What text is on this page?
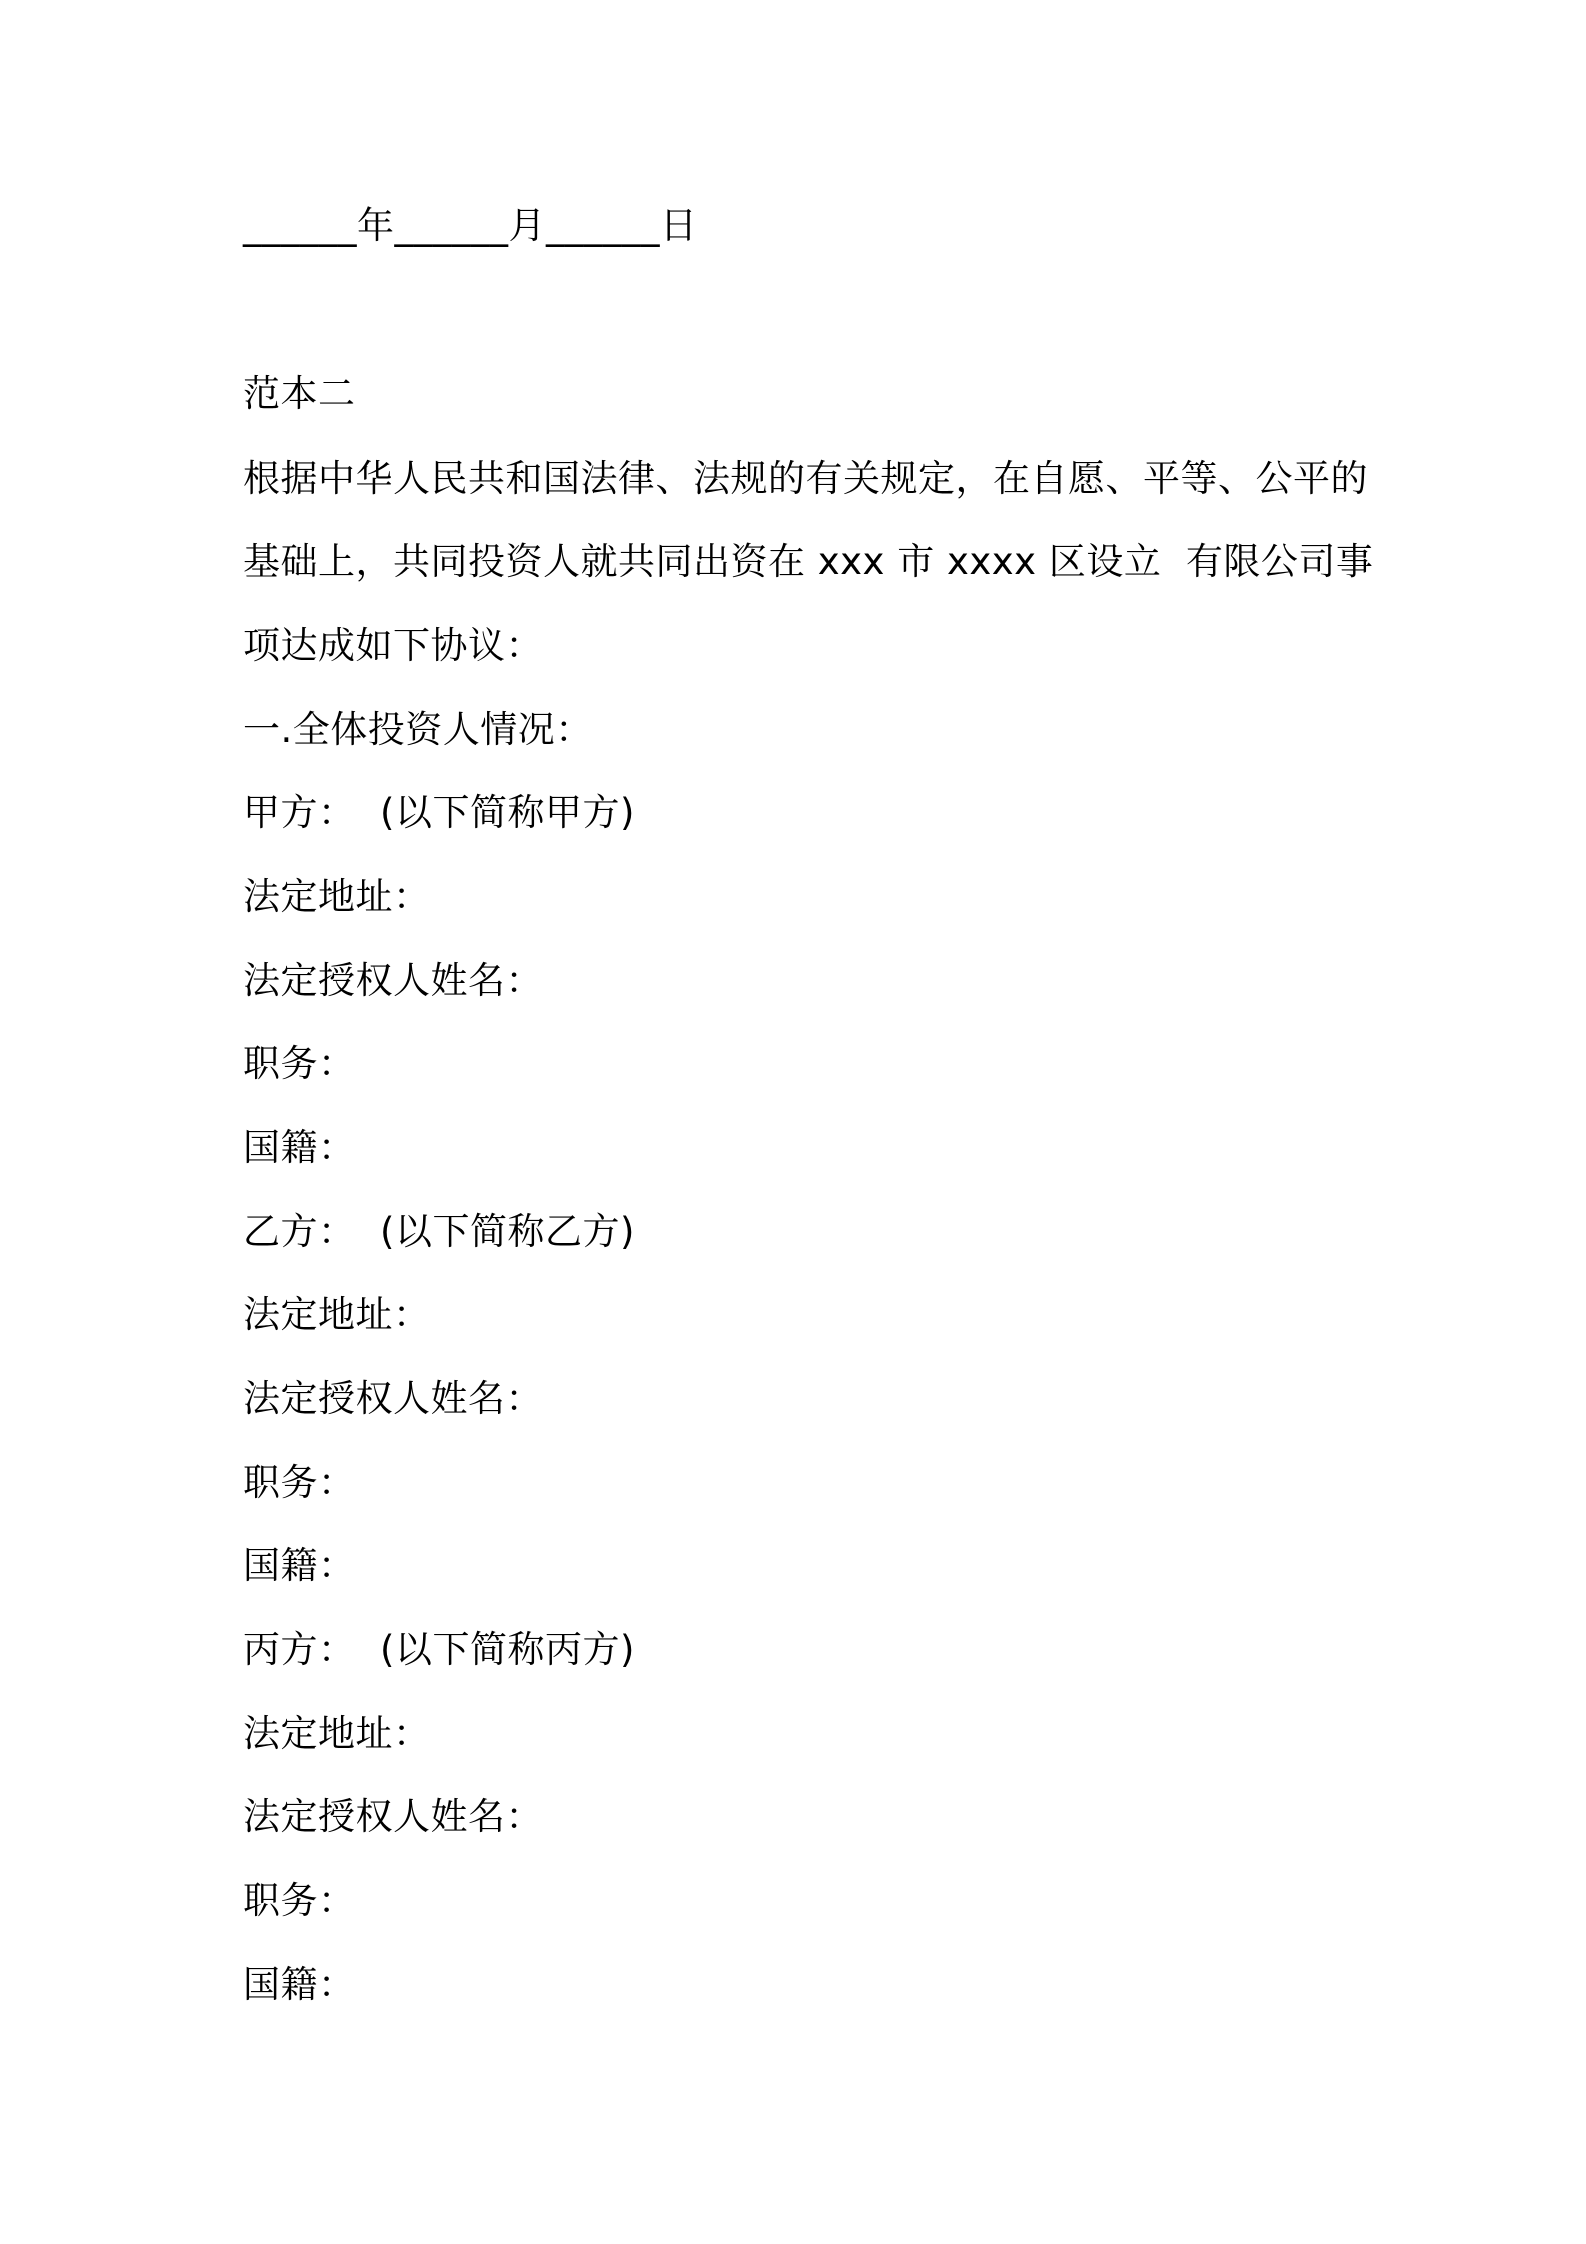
______年______月______日
范本二
根据中华人民共和国法律、法规的有关规定，在自愿、平等、公平的
基础上，共同投资人就共同出资在 xxx 市 xxxx 区设立  有限公司事
项达成如下协议：
一.全体投资人情况：
甲方：  (以下简称甲方)
法定地址：
法定授权人姓名：
职务：
国籍：
乙方：  (以下简称乙方)
法定地址：
法定授权人姓名：
职务：
国籍：
丙方：  (以下简称丙方)
法定地址：
法定授权人姓名：
职务：
国籍：
